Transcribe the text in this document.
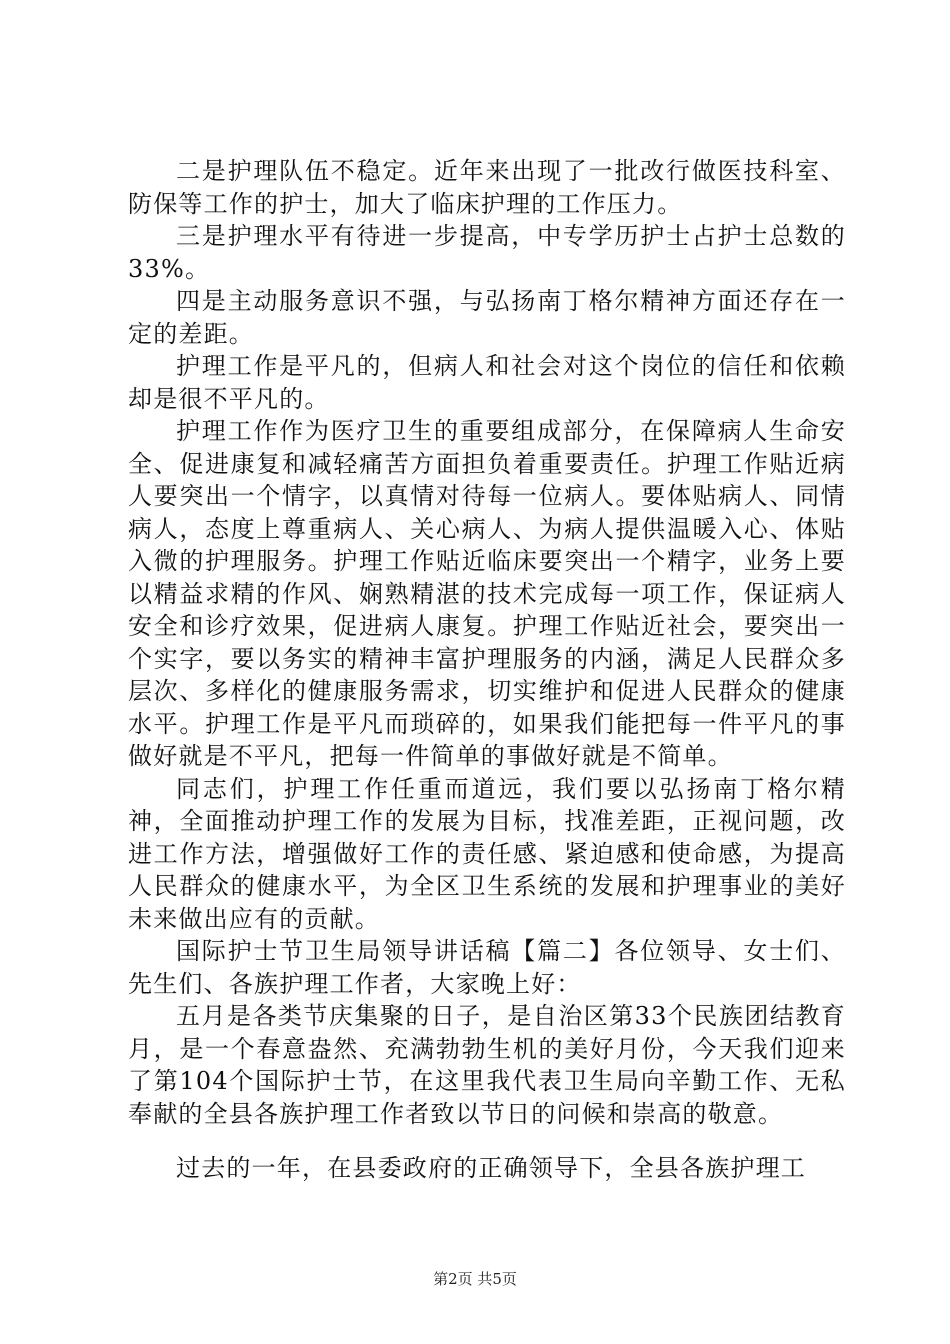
二是护理队伍不稳定。近年来出现了一批改行做医技科室、防保等工作的护士，加大了临床护理的工作压力。

三是护理水平有待进一步提高，中专学历护士占护士总数的33%。

四是主动服务意识不强，与弘扬南丁格尔精神方面还存在一定的差距。

护理工作是平凡的，但病人和社会对这个岗位的信任和依赖却是很不平凡的。

护理工作作为医疗卫生的重要组成部分，在保障病人生命安全、促进康复和减轻痛苦方面担负着重要责任。护理工作贴近病人要突出一个情字，以真情对待每一位病人。要体贴病人、同情病人，态度上尊重病人、关心病人、为病人提供温暖入心、体贴入微的护理服务。护理工作贴近临床要突出一个精字，业务上要以精益求精的作风、娴熟精湛的技术完成每一项工作，保证病人安全和诊疗效果，促进病人康复。护理工作贴近社会，要突出一个实字，要以务实的精神丰富护理服务的内涵，满足人民群众多层次、多样化的健康服务需求，切实维护和促进人民群众的健康水平。护理工作是平凡而琐碎的，如果我们能把每一件平凡的事做好就是不平凡，把每一件简单的事做好就是不简单。

同志们，护理工作任重而道远，我们要以弘扬南丁格尔精神，全面推动护理工作的发展为目标，找准差距，正视问题，改进工作方法，增强做好工作的责任感、紧迫感和使命感，为提高人民群众的健康水平，为全区卫生系统的发展和护理事业的美好未来做出应有的贡献。

国际护士节卫生局领导讲话稿【篇二】各位领导、女士们、先生们、各族护理工作者，大家晚上好：

五月是各类节庆集聚的日子，是自治区第33个民族团结教育月，是一个春意盎然、充满勃勃生机的美好月份，今天我们迎来了第104个国际护士节，在这里我代表卫生局向辛勤工作、无私奉献的全县各族护理工作者致以节日的问候和崇高的敬意。

过去的一年，在县委政府的正确领导下，全县各族护理工

第2页 共5页
